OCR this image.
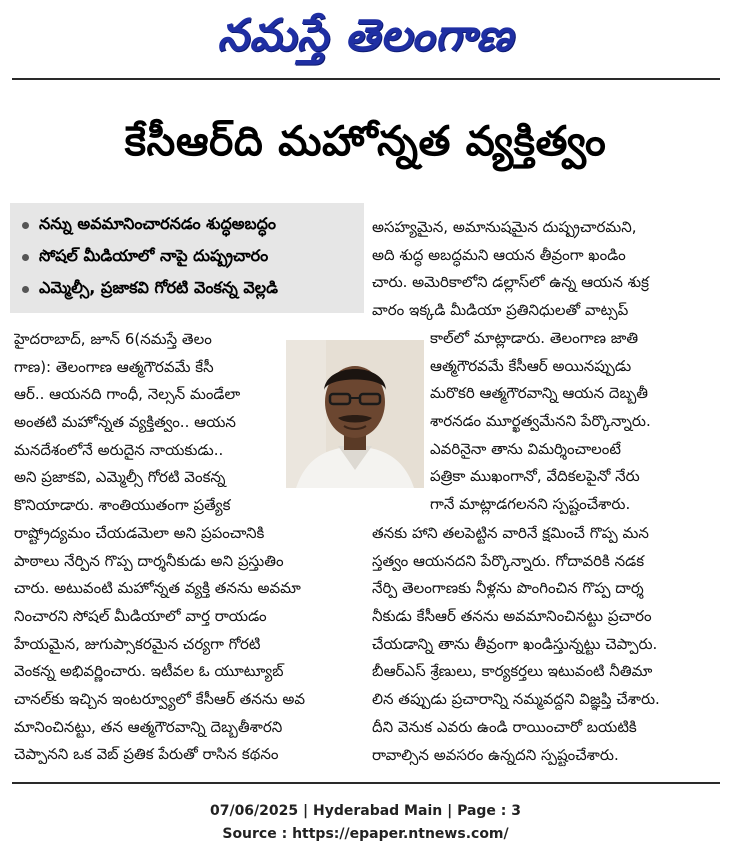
నమస్తే తెలంగాణ
కేసీఆర్‌ది మహోన్నత వ్యక్తిత్వం
నన్ను అవమానించారనడం శుద్ధఅబద్ధం
సోషల్ మీడియాలో నాపై దుష్ప్రచారం
ఎమ్మెల్సీ, ప్రజాకవి గోరటి వెంకన్న వెల్లడి
హైదరాబాద్, జూన్ 6(నమస్తే తెలం
గాణ): తెలంగాణ ఆత్మగౌరవమే కేసీ
ఆర్.. ఆయనది గాంధీ, నెల్సన్ మండేలా
అంతటి మహోన్నత వ్యక్తిత్వం.. ఆయన
మనదేశంలోనే అరుదైన నాయకుడు..
అని ప్రజాకవి, ఎమ్మెల్సీ గోరటి వెంకన్న
కొనియాడారు. శాంతియుతంగా ప్రత్యేక
రాష్ట్రోద్యమం చేయడమెలా అని ప్రపంచానికి
పాఠాలు నేర్పిన గొప్ప దార్శనీకుడు అని ప్రస్తుతిం
చారు. అటువంటి మహోన్నత వ్యక్తి తనను అవమా
నించారని సోషల్ మీడియాలో వార్త రాయడం
హేయమైన, జుగుప్సాకరమైన చర్యగా గోరటి
వెంకన్న అభివర్ణించారు. ఇటీవల ఓ యూట్యూబ్
చానల్‌కు ఇచ్చిన ఇంటర్వ్యూలో కేసీఆర్ తనను అవ
మానించినట్టు, తన ఆత్మగౌరవాన్ని దెబ్బతీశారని
చెప్పానని ఒక వెబ్ ప్రతిక పేరుతో రాసిన కథనం
అసహ్యమైన, అమానుషమైన దుష్ప్రచారమని,
అది శుద్ధ అబద్ధమని ఆయన తీవ్రంగా ఖండిం
చారు. అమెరికాలోని డల్లాస్‌లో ఉన్న ఆయన శుక్ర
వారం ఇక్కడి మీడియా ప్రతినిధులతో వాట్సప్
కాల్‌లో మాట్లాడారు. తెలంగాణ జాతి
ఆత్మగౌరవమే కేసీఆర్ అయినప్పుడు
మరొకరి ఆత్మగౌరవాన్ని ఆయన దెబ్బతీ
శారనడం మూర్ఖత్వమేనని పేర్కొన్నారు.
ఎవరినైనా తాను విమర్శించాలంటే
పత్రికా ముఖంగానో, వేదికలపైనో నేరు
గానే మాట్లాడగలనని స్పష్టంచేశారు.
తనకు హాని తలపెట్టిన వారినే క్షమించే గొప్ప మన
స్తత్వం ఆయనదని పేర్కొన్నారు. గోదావరికి నడక
నేర్పి తెలంగాణకు నీళ్లను పొంగించిన గొప్ప దార్శ
నీకుడు కేసీఆర్ తనను అవమానించినట్టు ప్రచారం
చేయడాన్ని తాను తీవ్రంగా ఖండిస్తున్నట్టు చెప్పారు.
బీఆర్‌ఎస్ శ్రేణులు, కార్యకర్తలు ఇటువంటి నీతిమా
లిన తప్పుడు ప్రచారాన్ని నమ్మవద్దని విజ్ఞప్తి చేశారు.
దీని వెనుక ఎవరు ఉండి రాయించారో బయటికి
రావాల్సిన అవసరం ఉన్నదని స్పష్టంచేశారు.
07/06/2025 | Hyderabad Main | Page : 3
Source : https://epaper.ntnews.com/
